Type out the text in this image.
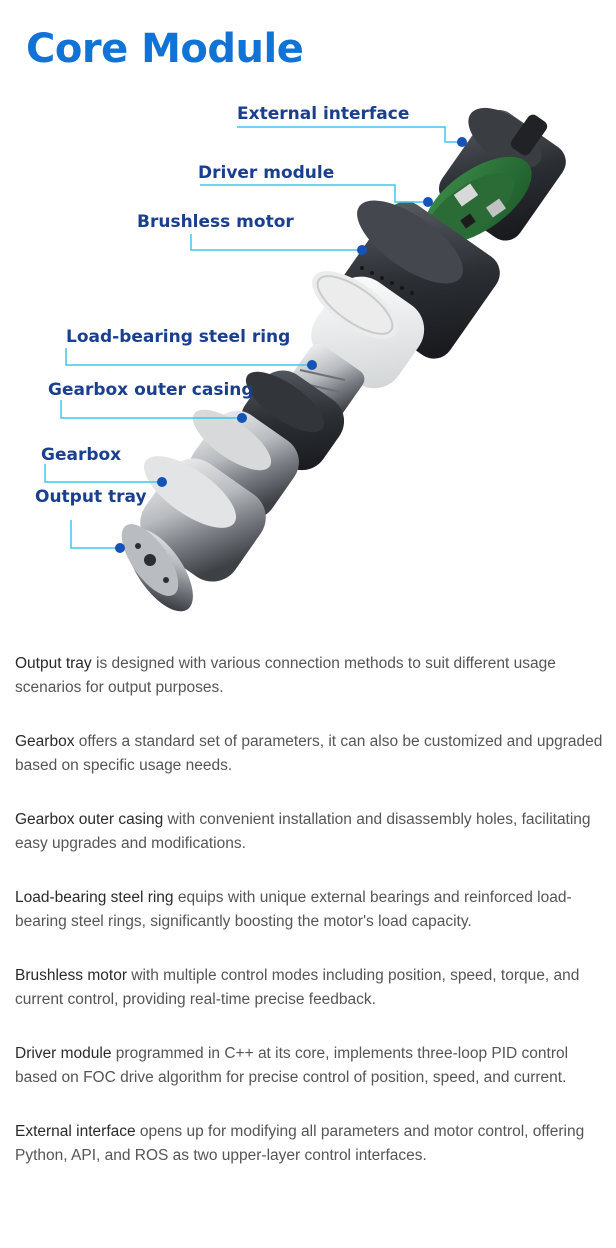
Core Module
External interface
Driver module
Brushless motor
Load-bearing steel ring
Gearbox outer casing
Gearbox
Output tray

Output tray is designed with various connection methods to suit different usage scenarios for output purposes.

Gearbox offers a standard set of parameters, it can also be customized and upgraded based on specific usage needs.

Gearbox outer casing with convenient installation and disassembly holes, facilitating easy upgrades and modifications.

Load-bearing steel ring equips with unique external bearings and reinforced load-bearing steel rings, significantly boosting the motor's load capacity.

Brushless motor with multiple control modes including position, speed, torque, and current control, providing real-time precise feedback.

Driver module programmed in C++ at its core, implements three-loop PID control based on FOC drive algorithm for precise control of position, speed, and current.

External interface opens up for modifying all parameters and motor control, offering Python, API, and ROS as two upper-layer control interfaces.
